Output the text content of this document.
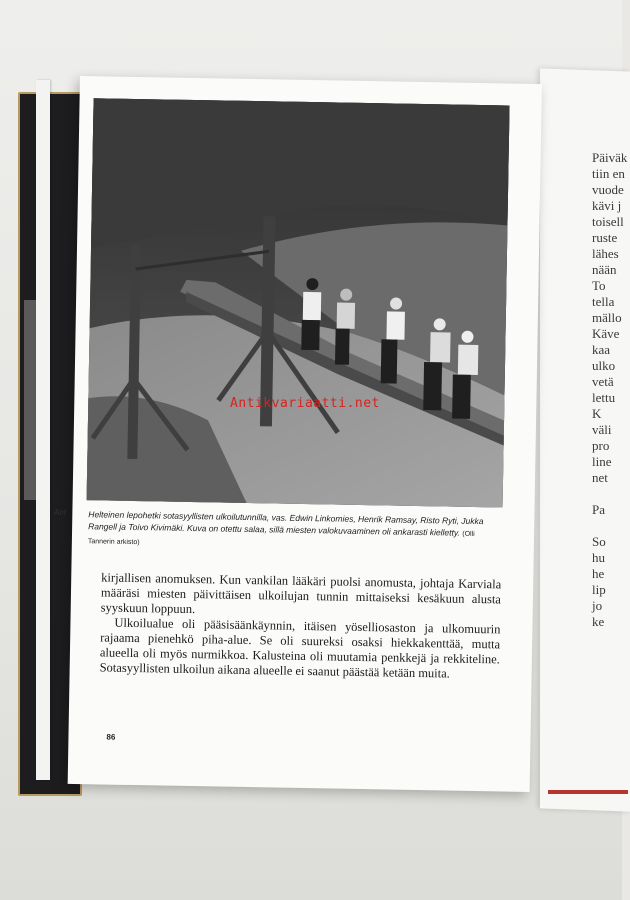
Ant
Päiväk
tiin en
vuode
kävi j
toisell
ruste
lähes
nään
To
tella
mällo
Käve
kaa
ulko
vetä
lettu
K
väli
pro
line
net
Pa
So
hu
he
lip
jo
ke
Helteinen lepohetki sotasyyllisten ulkoilutunnilla, vas. Edwin Linkomies, Henrik Ramsay, Risto Ryti, Jukka Rangell ja Toivo Kivimäki. Kuva on otettu salaa, sillä miesten valokuvaaminen oli ankarasti kielletty. (Olli Tannerin arkisto)

kirjallisen anomuksen. Kun vankilan lääkäri puolsi anomusta, johtaja Karviala määräsi miesten päivittäisen ulkoilujan tunnin mittaiseksi kesäkuun alusta syyskuun loppuun.

Ulkoilualue oli pääsisäänkäynnin, itäisen yöselliosaston ja ulkomuurin rajaama pienehkö piha-alue. Se oli suureksi osaksi hiekkakenttää, mutta alueella oli myös nurmikkoa. Kalusteina oli muutamia penkkejä ja rekkiteline. Sotasyyllisten ulkoilun aikana alueelle ei saanut päästää ketään muita.

86
Antikvariaatti.net
